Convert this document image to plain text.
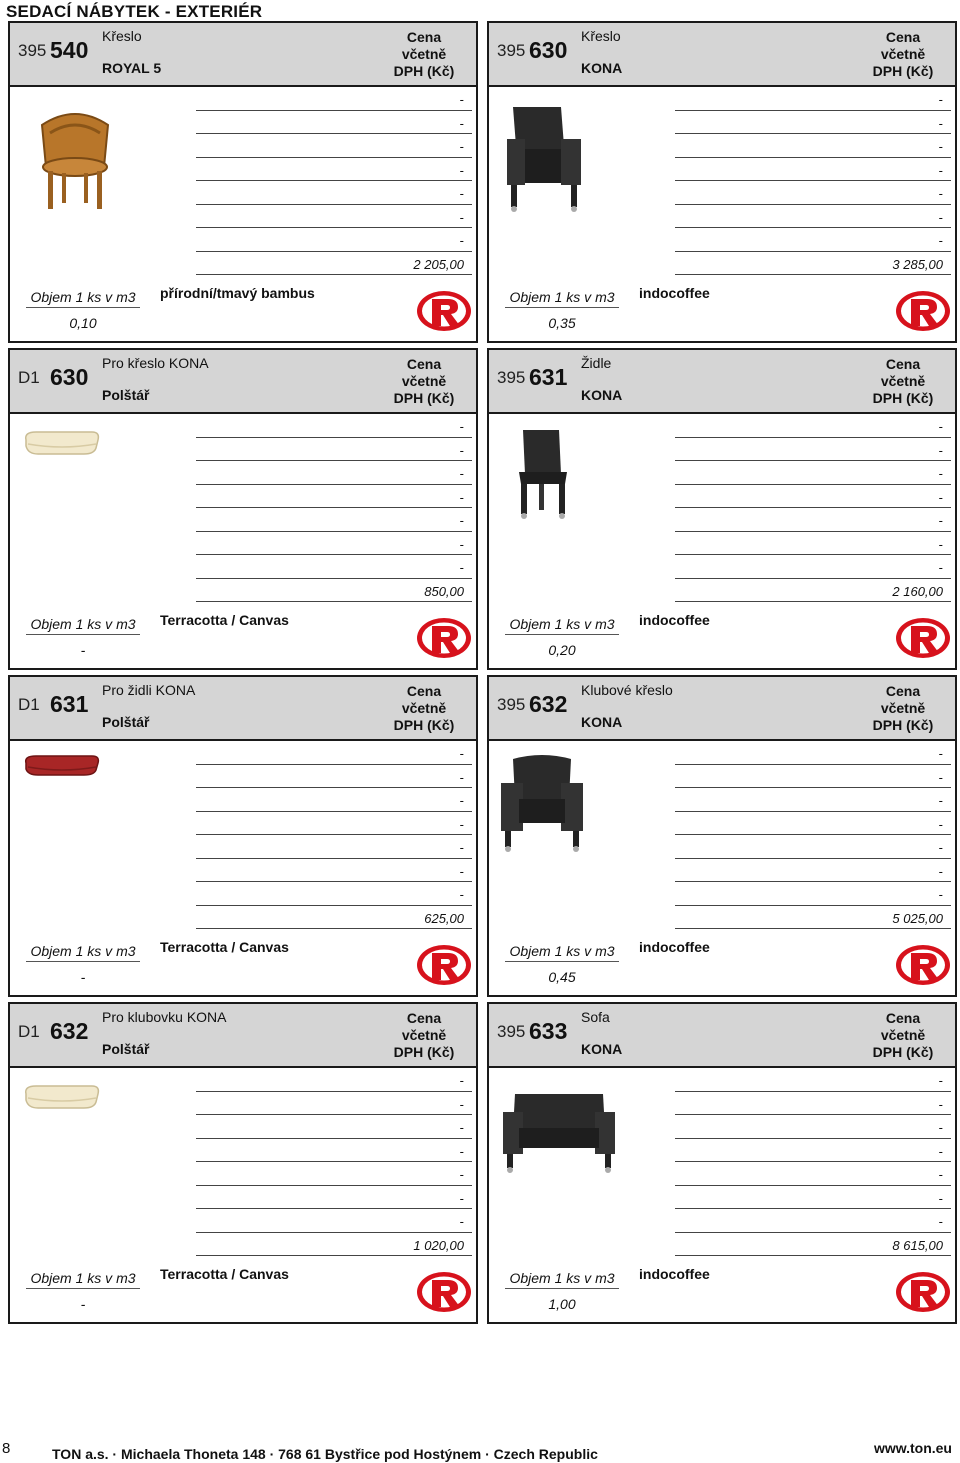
SEDACÍ NÁBYTEK - EXTERIÉR
395 540
Křeslo
ROYAL 5
Cena
včetně
DPH (Kč)
-
-
-
-
-
-
-
2 205,00
Objem 1 ks v m3
0,10
přírodní/tmavý bambus
395 630
Křeslo
KONA
Cena
včetně
DPH (Kč)
-
-
-
-
-
-
-
3 285,00
Objem 1 ks v m3
0,35
indocoffee
D1 630
Pro křeslo KONA
Polštář
Cena
včetně
DPH (Kč)
-
-
-
-
-
-
-
850,00
Objem 1 ks v m3
-
Terracotta / Canvas
395 631
Židle
KONA
Cena
včetně
DPH (Kč)
-
-
-
-
-
-
-
2 160,00
Objem 1 ks v m3
0,20
indocoffee
D1 631
Pro židli KONA
Polštář
Cena
včetně
DPH (Kč)
-
-
-
-
-
-
-
625,00
Objem 1 ks v m3
-
Terracotta / Canvas
395 632
Klubové křeslo
KONA
Cena
včetně
DPH (Kč)
-
-
-
-
-
-
-
5 025,00
Objem 1 ks v m3
0,45
indocoffee
D1 632
Pro klubovku KONA
Polštář
Cena
včetně
DPH (Kč)
-
-
-
-
-
-
-
1 020,00
Objem 1 ks v m3
-
Terracotta / Canvas
395 633
Sofa
KONA
Cena
včetně
DPH (Kč)
-
-
-
-
-
-
-
8 615,00
Objem 1 ks v m3
1,00
indocoffee
8	TON a.s. · Michaela Thoneta 148 · 768 61 Bystřice pod Hostýnem · Czech Republic	www.ton.eu
